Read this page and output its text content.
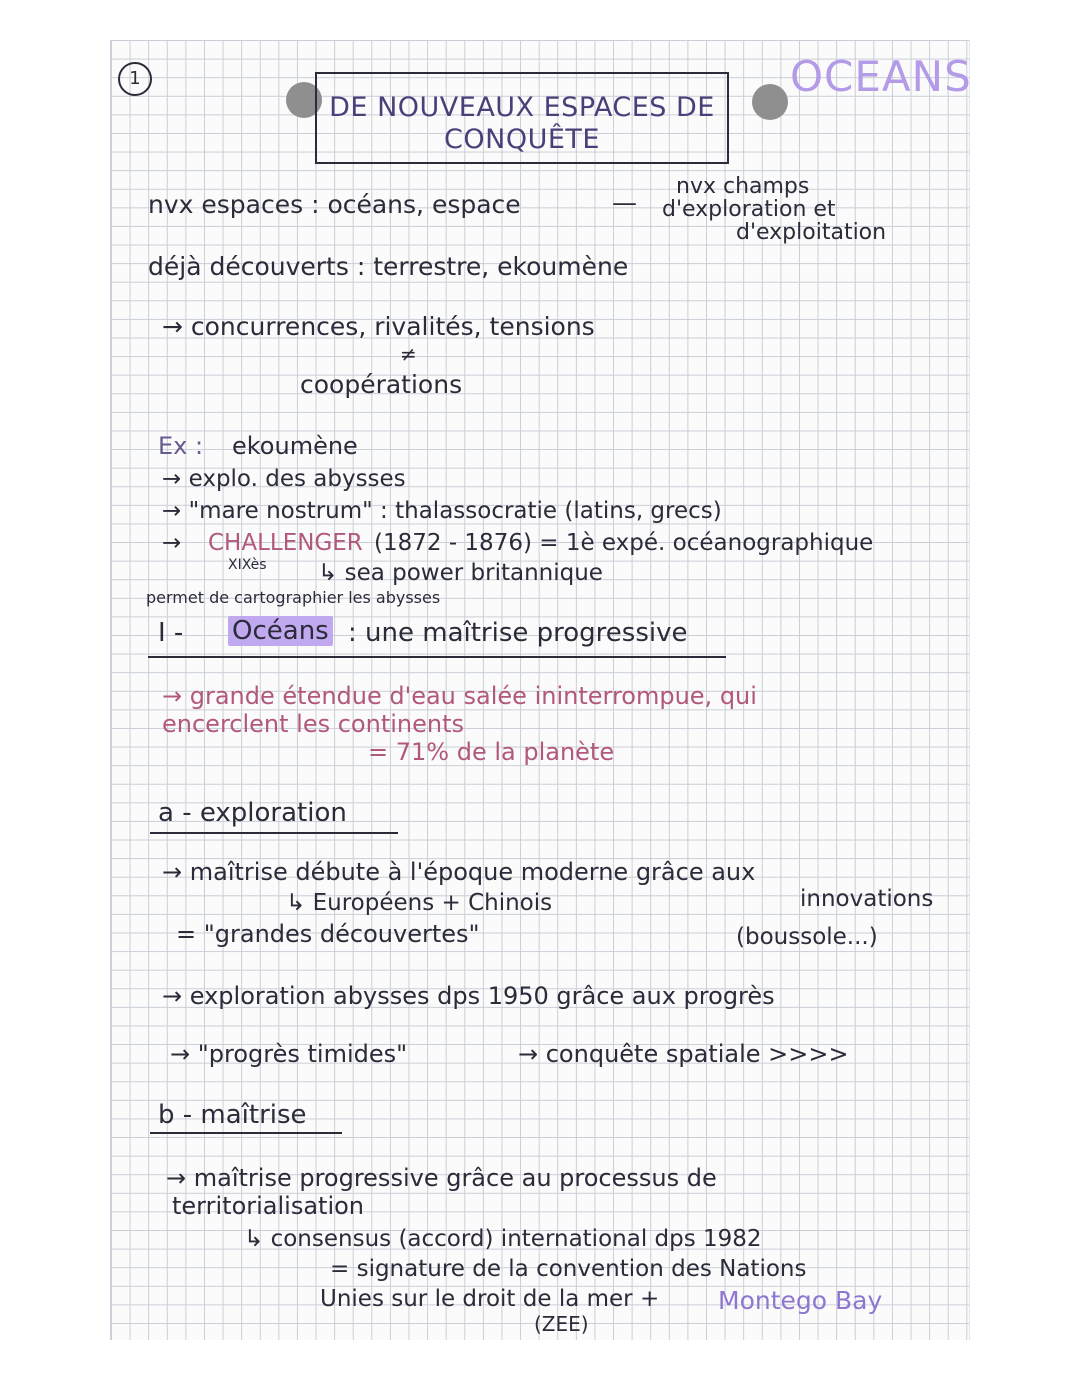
1
DE NOUVEAUX ESPACES DE
CONQUÊTE
OCEANS
nvx espaces : océans, espace	—
nvx champs
d'exploration et
d'exploitation
déjà découverts : terrestre, ekoumène
→ concurrences, rivalités, tensions
≠
coopérations
Ex : ekoumène
→ explo. des abysses
→ "mare nostrum" : thalassocratie (latins, grecs)
→ CHALLENGER (1872 - 1876) = 1è expé. océanographique
XIXès ↳ sea power britannique
permet de cartographier les abysses
I - Océans : une maîtrise progressive
→ grande étendue d'eau salée ininterrompue, qui
encerclent les continents
= 71% de la planète
a - exploration
→ maîtrise débute à l'époque moderne grâce aux
↳ Européens + Chinois	innovations
= "grandes découvertes"	(boussole...)
→ exploration abysses dps 1950 grâce aux progrès
→ "progrès timides"	→ conquête spatiale >>>>
b - maîtrise
→ maîtrise progressive grâce au processus de
territorialisation
↳ consensus (accord) international dps 1982
= signature de la convention des Nations
Unies sur le droit de la mer + Montego Bay
(ZEE)
